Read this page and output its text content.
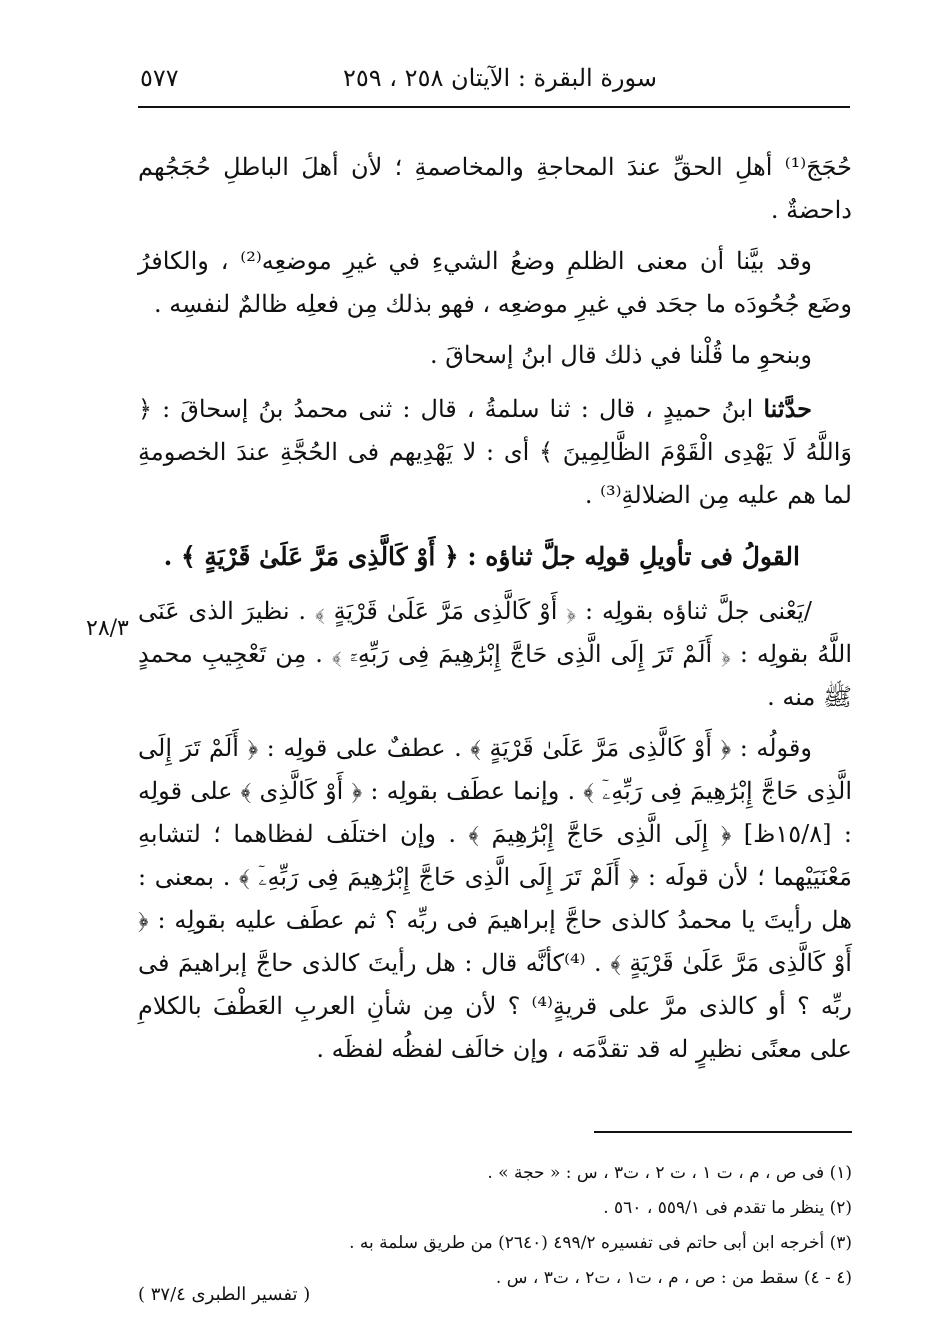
سورة البقرة : الآيتان ٢٥٨ ، ٢٥٩
٥٧٧

حُجَجَ⁽¹⁾ أهلِ الحقِّ عندَ المحاجةِ والمخاصمةِ ؛ لأن أهلَ الباطلِ حُجَجُهم داحضةٌ .

وقد بيَّنا أن معنى الظلمِ وضعُ الشيءِ في غيرِ موضعِه⁽²⁾ ، والكافرُ وضَع جُحُودَه ما جحَد في غيرِ موضعِه ، فهو بذلك مِن فعلِه ظالمٌ لنفسِه .

وبنحوِ ما قُلْنا في ذلك قال ابنُ إسحاقَ .

حدَّثنا ابنُ حميدٍ ، قال : ثنا سلمةُ ، قال : ثنى محمدُ بنُ إسحاقَ : ﴿ وَاللَّهُ لَا يَهْدِى الْقَوْمَ الظَّالِمِينَ ﴾ أى : لا يَهْدِيهم فى الحُجَّةِ عندَ الخصومةِ لما هم عليه مِن الضلالةِ⁽³⁾ .

القولُ فى تأويلِ قولِه جلَّ ثناؤه : ﴿ أَوْ كَالَّذِى مَرَّ عَلَىٰ قَرْيَةٍ ﴾ .

/يَعْنى جلَّ ثناؤه بقولِه : ﴿ أَوْ كَالَّذِى مَرَّ عَلَىٰ قَرْيَةٍ ﴾ . نظيرَ الذى عَنَى اللَّهُ بقولِه : ﴿ أَلَمْ تَرَ إِلَى الَّذِى حَاجَّ إِبْرَٰهِيمَ فِى رَبِّهِۦٓ ﴾ . مِن تَعْجِيبِ محمدٍ ﷺ منه .

وقولُه : ﴿ أَوْ كَالَّذِى مَرَّ عَلَىٰ قَرْيَةٍ ﴾ . عطفٌ على قولِه : ﴿ أَلَمْ تَرَ إِلَى الَّذِى حَاجَّ إِبْرَٰهِيمَ فِى رَبِّهِۦٓ ﴾ . وإنما عطَف بقولِه : ﴿ أَوْ كَالَّذِى ﴾ على قولِه : [١٥/٨ظ] ﴿ إِلَى الَّذِى حَاجَّ إِبْرَٰهِيمَ ﴾ . وإن اختلَف لفظاهما ؛ لتشابهِ مَعْنَيَيْهما ؛ لأن قولَه : ﴿ أَلَمْ تَرَ إِلَى الَّذِى حَاجَّ إِبْرَٰهِيمَ فِى رَبِّهِۦٓ ﴾ . بمعنى : هل رأيتَ يا محمدُ كالذى حاجَّ إبراهيمَ فى ربِّه ؟ ثم عطَف عليه بقولِه : ﴿ أَوْ كَالَّذِى مَرَّ عَلَىٰ قَرْيَةٍ ﴾ . ⁽⁴⁾كأنَّه قال : هل رأيتَ كالذى حاجَّ إبراهيمَ فى ربِّه ؟ أو كالذى مرَّ على قريةٍ⁽⁴⁾ ؟ لأن مِن شأنِ العربِ العَطْفَ بالكلامِ على معنًى نظيرٍ له قد تقدَّمَه ، وإن خالَف لفظُه لفظَه .

٢٨/٣
(١) فى ص ، م ، ت ١ ، ت ٢ ، ت٣ ، س : « حجة » .
(٢) ينظر ما تقدم فى ٥٥٩/١ ، ٥٦٠ .
(٣) أخرجه ابن أبى حاتم فى تفسيره ٤٩٩/٢ (٢٦٤٠) من طريق سلمة به .
(٤ - ٤) سقط من : ص ، م ، ت١ ، ت٢ ، ت٣ ، س .
( تفسير الطبرى ٣٧/٤ )
